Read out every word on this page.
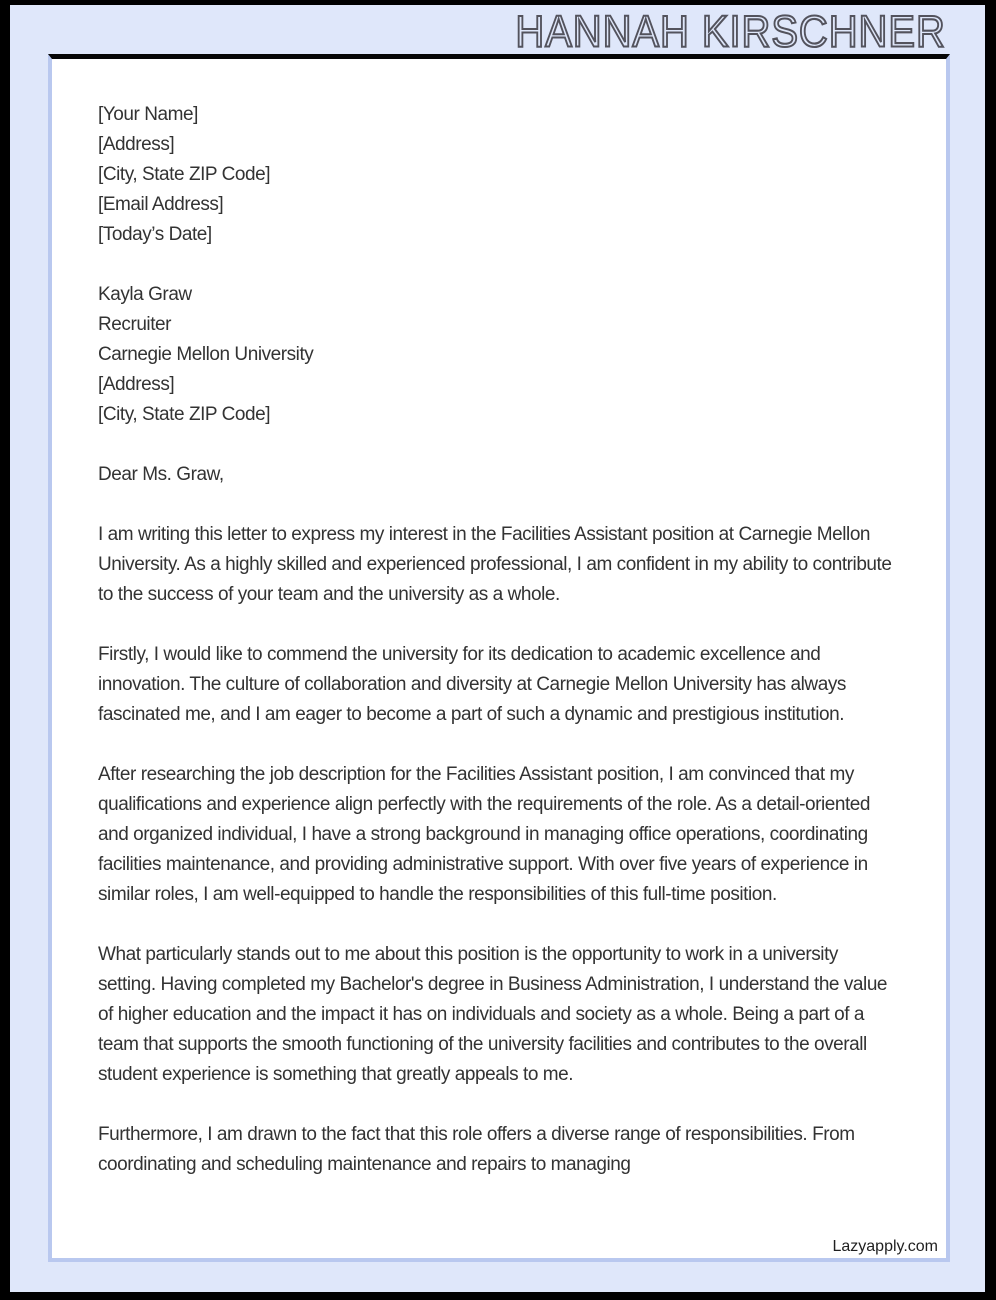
HANNAH KIRSCHNER
[Your Name]
[Address]
[City, State ZIP Code]
[Email Address]
[Today’s Date]
Kayla Graw
Recruiter
Carnegie Mellon University
[Address]
[City, State ZIP Code]
Dear Ms. Graw,

I am writing this letter to express my interest in the Facilities Assistant position at Carnegie Mellon University. As a highly skilled and experienced professional, I am confident in my ability to contribute to the success of your team and the university as a whole.

Firstly, I would like to commend the university for its dedication to academic excellence and innovation. The culture of collaboration and diversity at Carnegie Mellon University has always fascinated me, and I am eager to become a part of such a dynamic and prestigious institution.

After researching the job description for the Facilities Assistant position, I am convinced that my qualifications and experience align perfectly with the requirements of the role. As a detail-oriented and organized individual, I have a strong background in managing office operations, coordinating facilities maintenance, and providing administrative support. With over five years of experience in similar roles, I am well-equipped to handle the responsibilities of this full-time position.

What particularly stands out to me about this position is the opportunity to work in a university setting. Having completed my Bachelor's degree in Business Administration, I understand the value of higher education and the impact it has on individuals and society as a whole. Being a part of a team that supports the smooth functioning of the university facilities and contributes to the overall student experience is something that greatly appeals to me.

Furthermore, I am drawn to the fact that this role offers a diverse range of responsibilities. From coordinating and scheduling maintenance and repairs to managing

Lazyapply.com
